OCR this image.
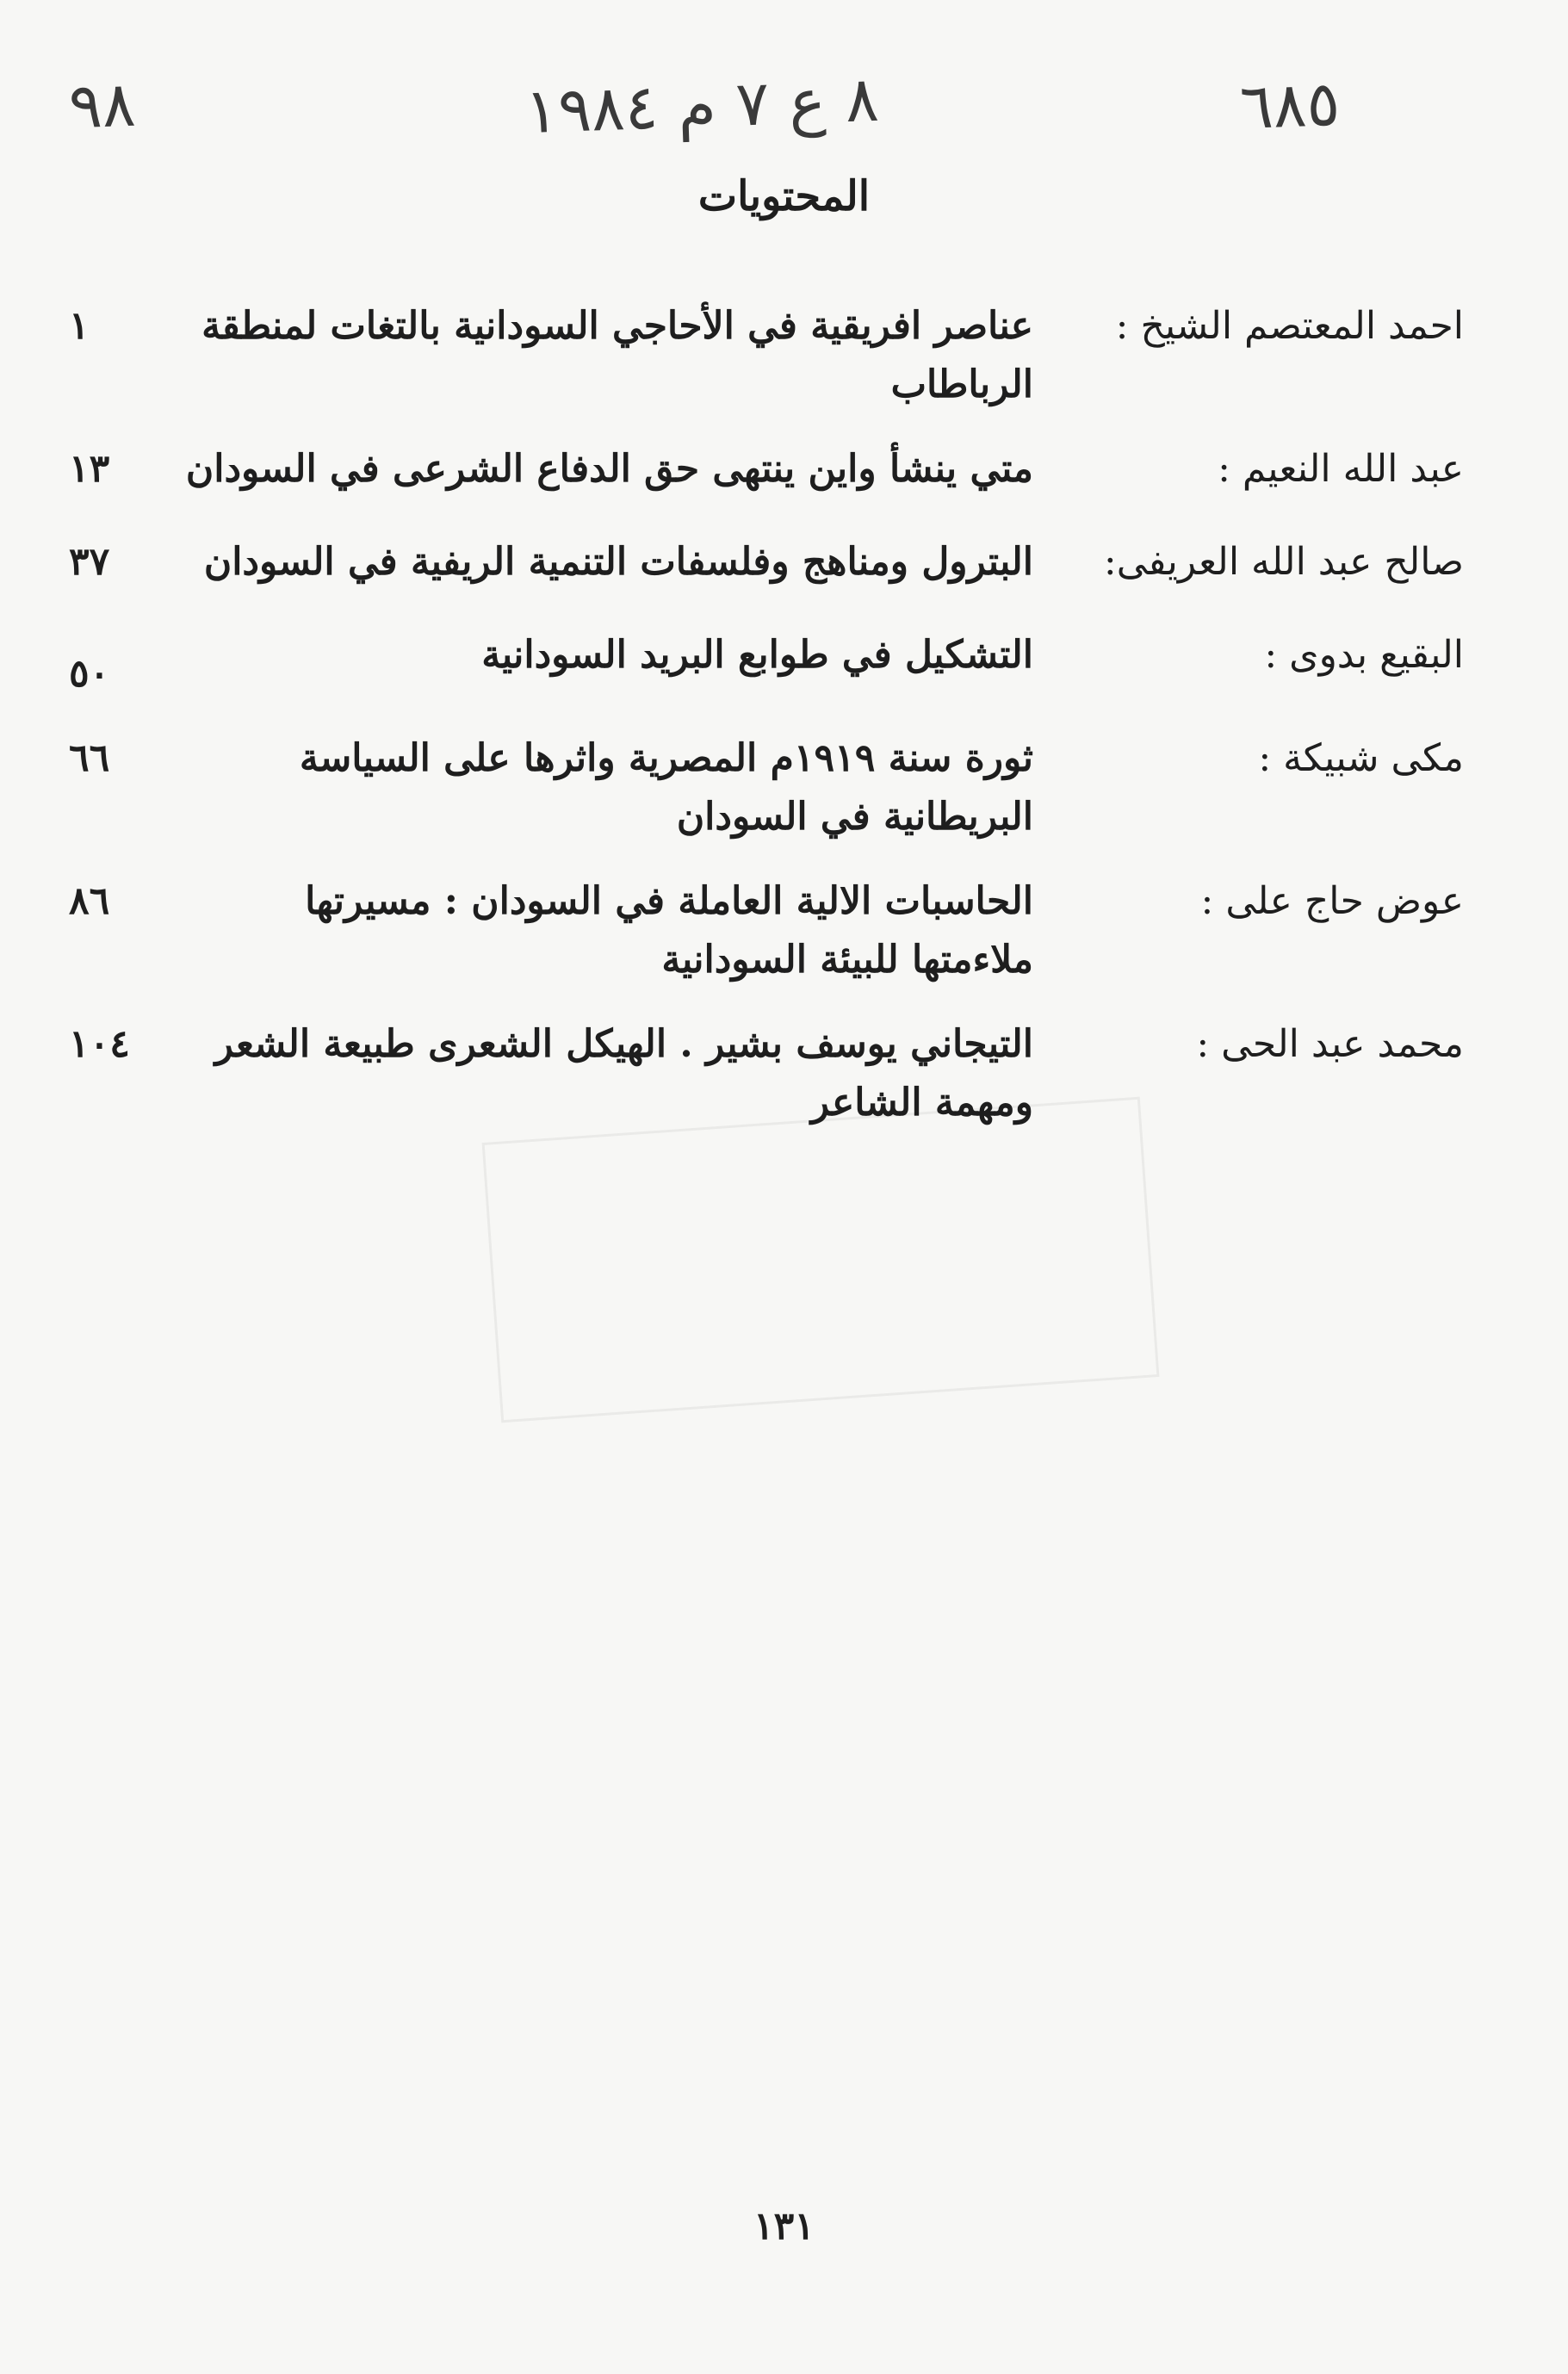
٩٨	٨ ع ٧ م ١٩٨٤	٦٨٥
المحتويات
احمد المعتصم الشيخ :
عناصر افريقية في الأحاجي السودانية بالتغات لمنطقة الرباطاب
١
عبد الله النعيم :
متي ينشأ واين ينتهى حق الدفاع الشرعى في السودان
١٣
صالح عبد الله العريفى:
البترول ومناهج وفلسفات التنمية الريفية في السودان
٣٧
البقيع بدوى :
التشكيل في طوابع البريد السودانية
٥٠
مكى شبيكة :
ثورة سنة ١٩١٩م المصرية واثرها على السياسة البريطانية في السودان
٦٦
عوض حاج على :
الحاسبات الالية العاملة في السودان : مسيرتها ملاءمتها للبيئة السودانية
٨٦
محمد عبد الحى :
التيجاني يوسف بشير . الهيكل الشعرى طبيعة الشعر ومهمة الشاعر
١٠٤
١٣١
